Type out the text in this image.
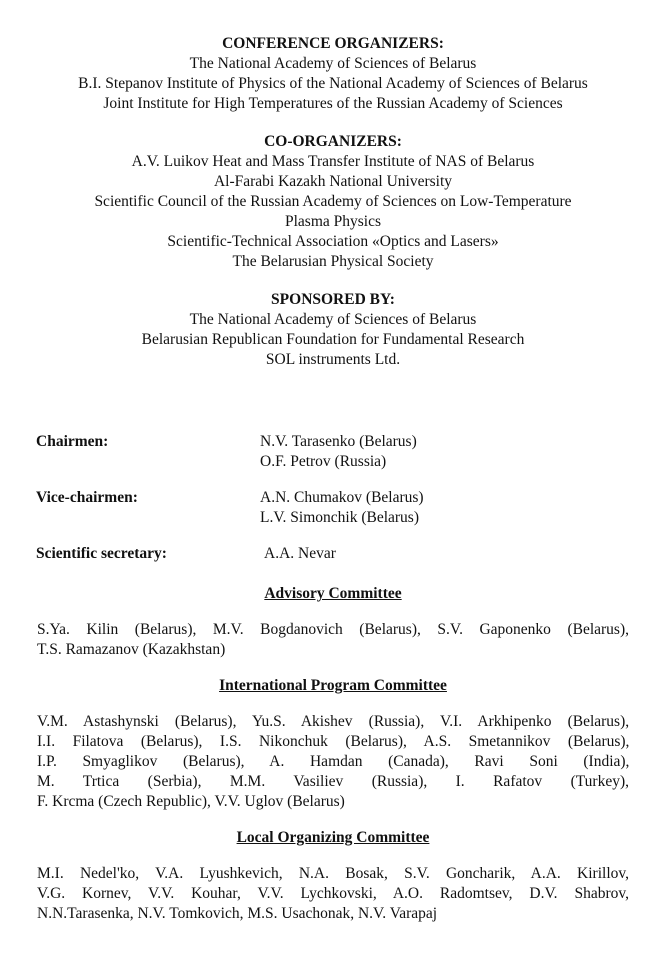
CONFERENCE ORGANIZERS:
The National Academy of Sciences of Belarus
B.I. Stepanov Institute of Physics of the National Academy of Sciences of Belarus
Joint Institute for High Temperatures of the Russian Academy of Sciences
CO-ORGANIZERS:
A.V. Luikov Heat and Mass Transfer Institute of NAS of Belarus
Al-Farabi Kazakh National University
Scientific Council of the Russian Academy of Sciences on Low-Temperature
Plasma Physics
Scientific-Technical Association «Optics and Lasers»
The Belarusian Physical Society
SPONSORED BY:
The National Academy of Sciences of Belarus
Belarusian Republican Foundation for Fundamental Research
SOL instruments Ltd.
Chairmen:	N.V. Tarasenko (Belarus)
O.F. Petrov (Russia)
Vice-chairmen:	A.N. Chumakov (Belarus)
L.V. Simonchik (Belarus)
Scientific secretary:	A.A. Nevar
Advisory Committee
S.Ya. Kilin (Belarus), M.V. Bogdanovich (Belarus), S.V. Gaponenko (Belarus),
T.S. Ramazanov (Kazakhstan)
International Program Committee
V.M. Astashynski (Belarus), Yu.S. Akishev (Russia), V.I. Arkhipenko (Belarus),
I.I. Filatova (Belarus), I.S. Nikonchuk (Belarus), A.S. Smetannikov (Belarus),
I.P. Smyaglikov (Belarus), A. Hamdan (Canada), Ravi Soni (India),
M. Trtica (Serbia), M.M. Vasiliev (Russia), I. Rafatov (Turkey),
F. Krcma (Czech Republic), V.V. Uglov (Belarus)
Local Organizing Committee
M.I. Nedel'ko, V.A. Lyushkevich, N.A. Bosak, S.V. Goncharik, A.A. Kirillov,
V.G. Kornev, V.V. Kouhar, V.V. Lychkovski, A.O. Radomtsev, D.V. Shabrov,
N.N.Tarasenka, N.V. Tomkovich, M.S. Usachonak, N.V. Varapaj
